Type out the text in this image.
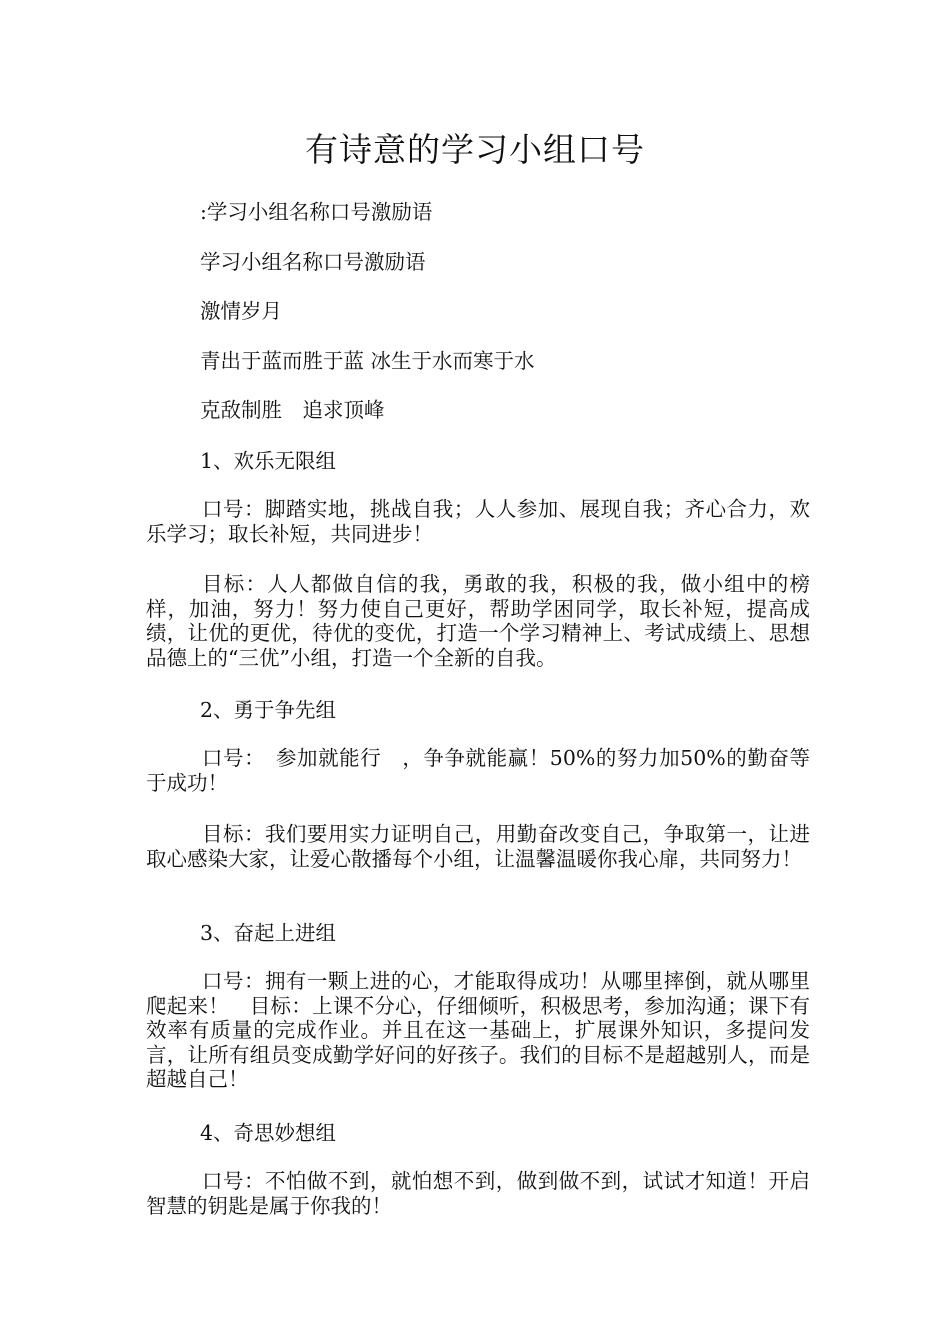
有诗意的学习小组口号
:学习小组名称口号激励语
学习小组名称口号激励语
激情岁月
青出于蓝而胜于蓝 冰生于水而寒于水
克敌制胜　追求顶峰
1、欢乐无限组
口号：脚踏实地，挑战自我；人人参加、展现自我；齐心合力，欢乐学习；取长补短，共同进步！
目标：人人都做自信的我，勇敢的我，积极的我，做小组中的榜样，加油，努力！努力使自己更好，帮助学困同学，取长补短，提高成绩，让优的更优，待优的变优，打造一个学习精神上、考试成绩上、思想品德上的“三优”小组，打造一个全新的自我。
2、勇于争先组
口号：　参加就能行　，争争就能赢！50%的努力加50%的勤奋等于成功！
目标：我们要用实力证明自己，用勤奋改变自己，争取第一，让进取心感染大家，让爱心散播每个小组，让温馨温暖你我心扉，共同努力！
3、奋起上进组
口号：拥有一颗上进的心，才能取得成功！从哪里摔倒，就从哪里爬起来！　目标：上课不分心，仔细倾听，积极思考，参加沟通；课下有效率有质量的完成作业。并且在这一基础上，扩展课外知识，多提问发言，让所有组员变成勤学好问的好孩子。我们的目标不是超越别人，而是超越自己！
4、奇思妙想组
口号：不怕做不到，就怕想不到，做到做不到，试试才知道！开启智慧的钥匙是属于你我的！
